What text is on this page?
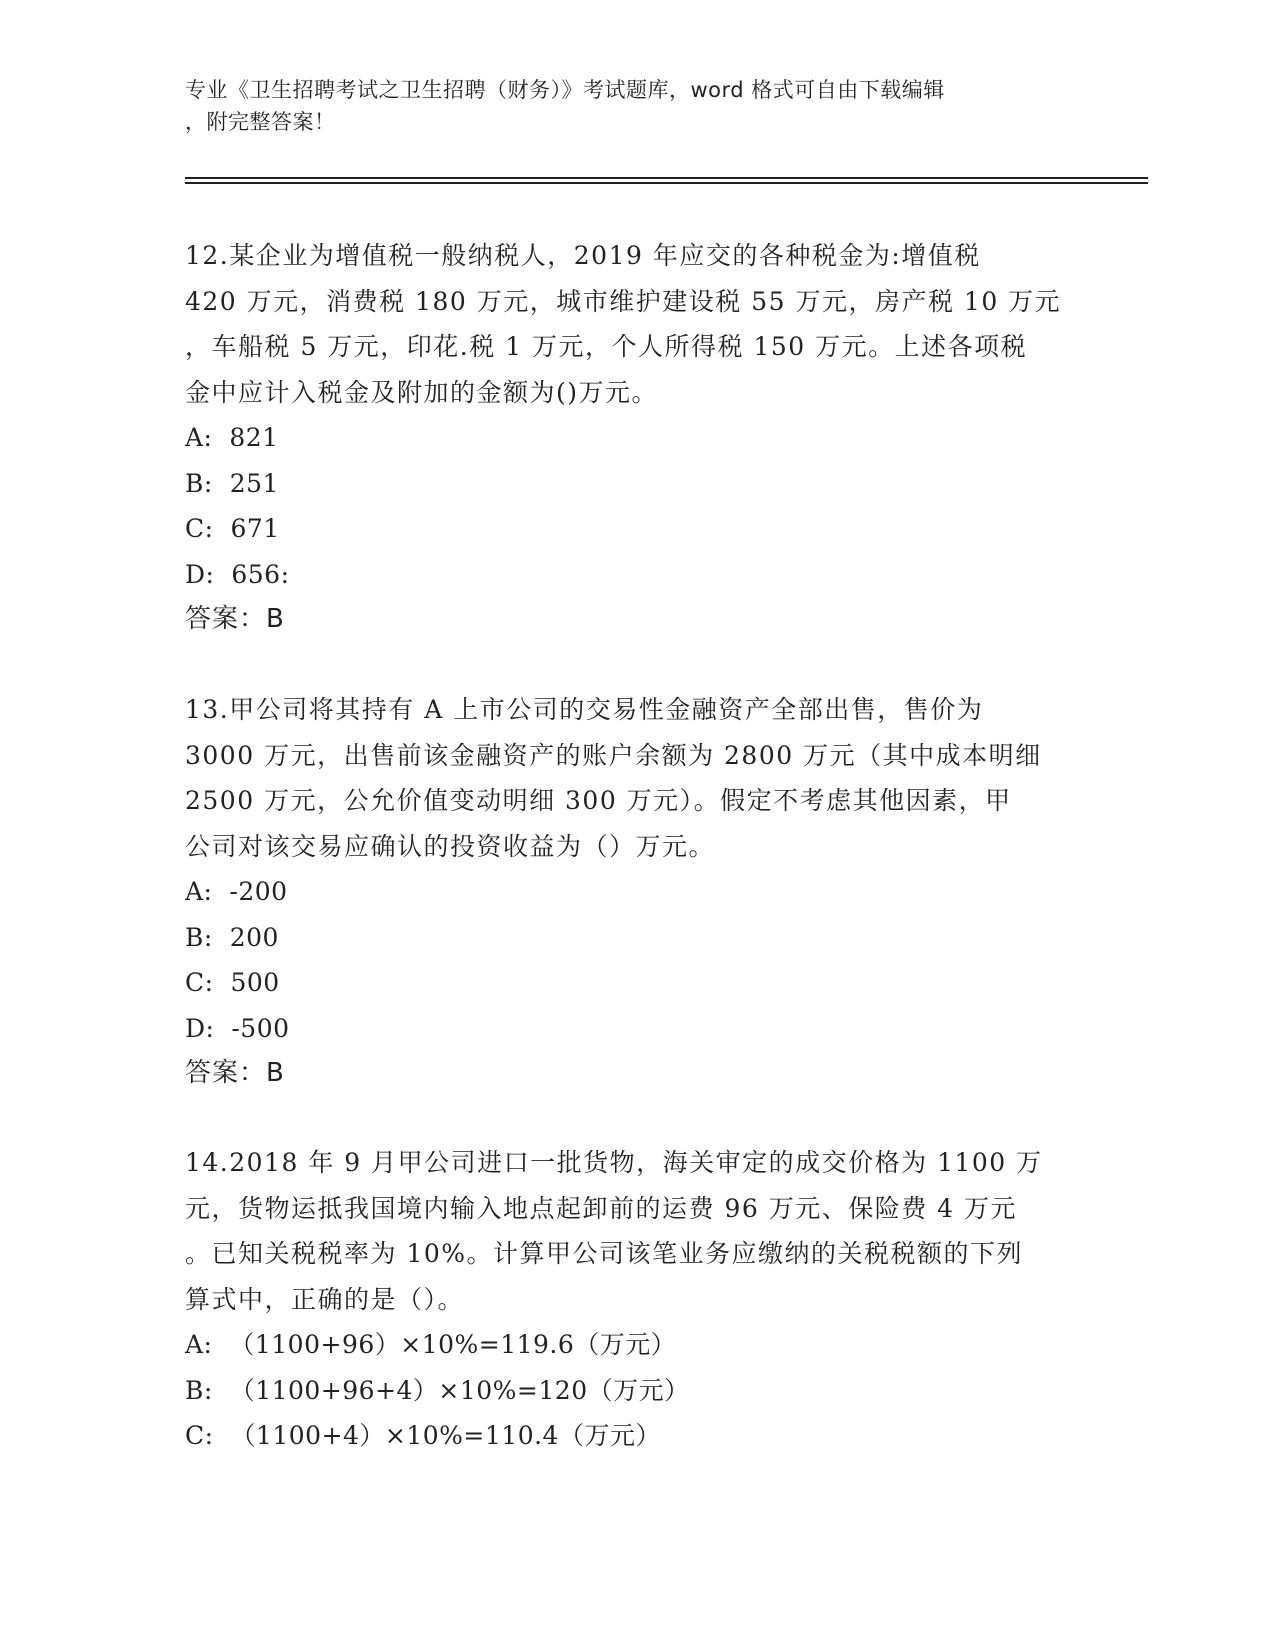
专业《卫生招聘考试之卫生招聘（财务）》考试题库，word 格式可自由下载编辑
，附完整答案！

12.某企业为增值税一般纳税人，2019 年应交的各种税金为:增值税

420 万元，消费税 180 万元，城市维护建设税 55 万元，房产税 10 万元

，车船税 5 万元，印花.税 1 万元，个人所得税 150 万元。上述各项税

金中应计入税金及附加的金额为()万元。

A:  821

B:  251

C:  671

D:  656:

答案：B

13.甲公司将其持有 A 上市公司的交易性金融资产全部出售，售价为

3000 万元，出售前该金融资产的账户余额为 2800 万元（其中成本明细

2500 万元，公允价值变动明细 300 万元）。假定不考虑其他因素，甲

公司对该交易应确认的投资收益为（）万元。

A:  -200

B:  200

C:  500

D:  -500

答案：B

14.2018 年 9 月甲公司进口一批货物，海关审定的成交价格为 1100 万

元，货物运抵我国境内输入地点起卸前的运费 96 万元、保险费 4 万元

。已知关税税率为 10%。计算甲公司该笔业务应缴纳的关税税额的下列

算式中，正确的是（）。

A:  （1100+96）×10%=119.6（万元）

B:  （1100+96+4）×10%=120（万元）

C:  （1100+4）×10%=110.4（万元）
